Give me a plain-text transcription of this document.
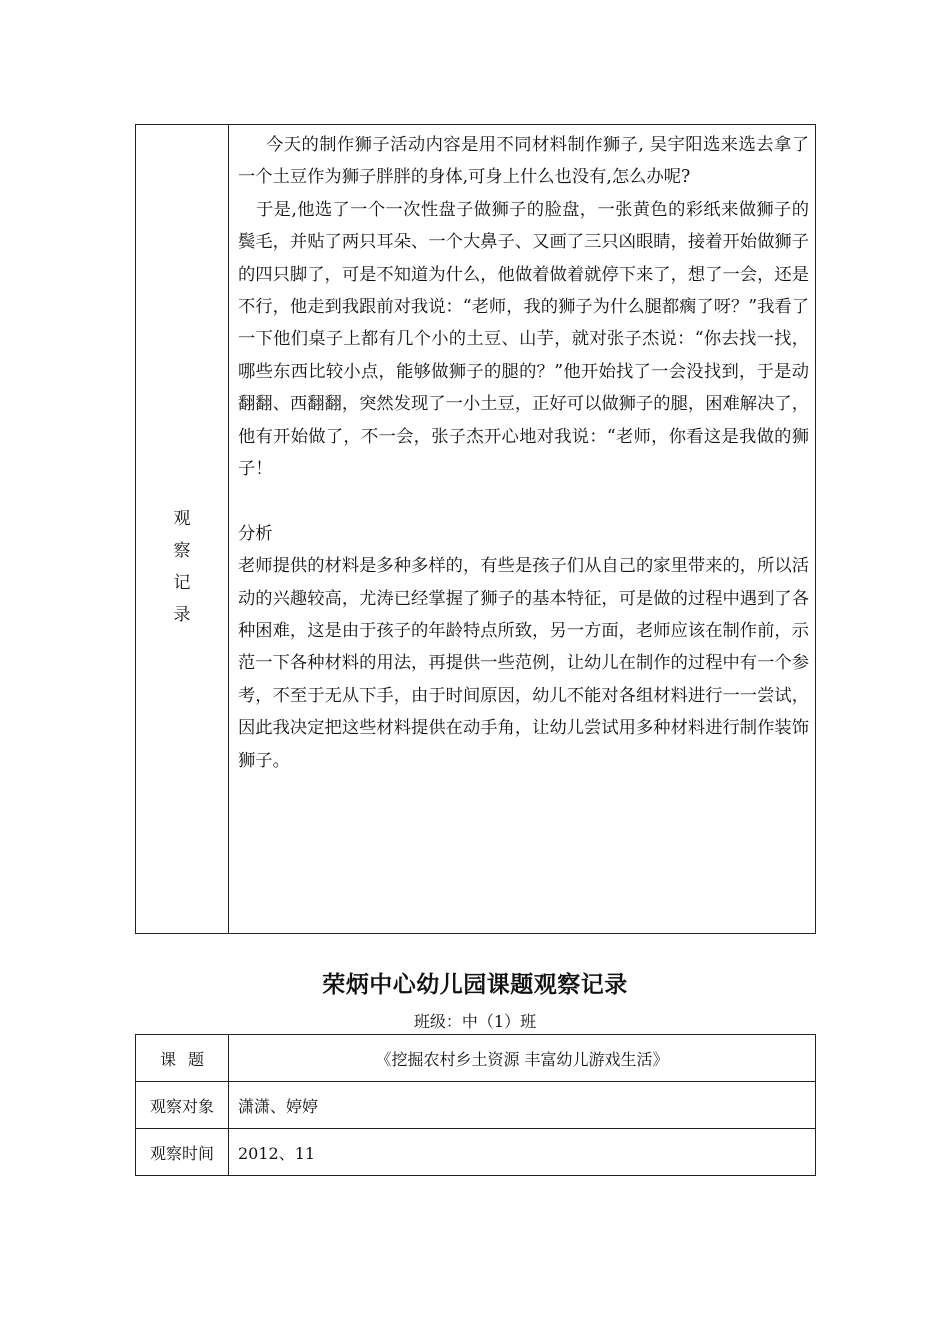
观
察
记
录

今天的制作狮子活动内容是用不同材料制作狮子, 吴宇阳选来选去拿了一个土豆作为狮子胖胖的身体,可身上什么也没有,怎么办呢?

于是,他选了一个一次性盘子做狮子的脸盘，一张黄色的彩纸来做狮子的鬓毛，并贴了两只耳朵、一个大鼻子、又画了三只凶眼睛，接着开始做狮子的四只脚了，可是不知道为什么，他做着做着就停下来了，想了一会，还是不行，他走到我跟前对我说：“老师，我的狮子为什么腿都瘸了呀？”我看了一下他们桌子上都有几个小的土豆、山芋，就对张子杰说：“你去找一找，哪些东西比较小点，能够做狮子的腿的？”他开始找了一会没找到，于是动翻翻、西翻翻，突然发现了一小土豆，正好可以做狮子的腿，困难解决了，他有开始做了，不一会，张子杰开心地对我说：“老师，你看这是我做的狮子！

分析

老师提供的材料是多种多样的，有些是孩子们从自己的家里带来的，所以活动的兴趣较高，尤涛已经掌握了狮子的基本特征，可是做的过程中遇到了各种困难，这是由于孩子的年龄特点所致，另一方面，老师应该在制作前，示范一下各种材料的用法，再提供一些范例，让幼儿在制作的过程中有一个参考，不至于无从下手，由于时间原因，幼儿不能对各组材料进行一一尝试，因此我决定把这些材料提供在动手角，让幼儿尝试用多种材料进行制作装饰狮子。

荣炳中心幼儿园课题观察记录
班级：中（1）班
课题	《挖掘农村乡土资源 丰富幼儿游戏生活》
观察对象	潇潇、婷婷
观察时间	2012、11
